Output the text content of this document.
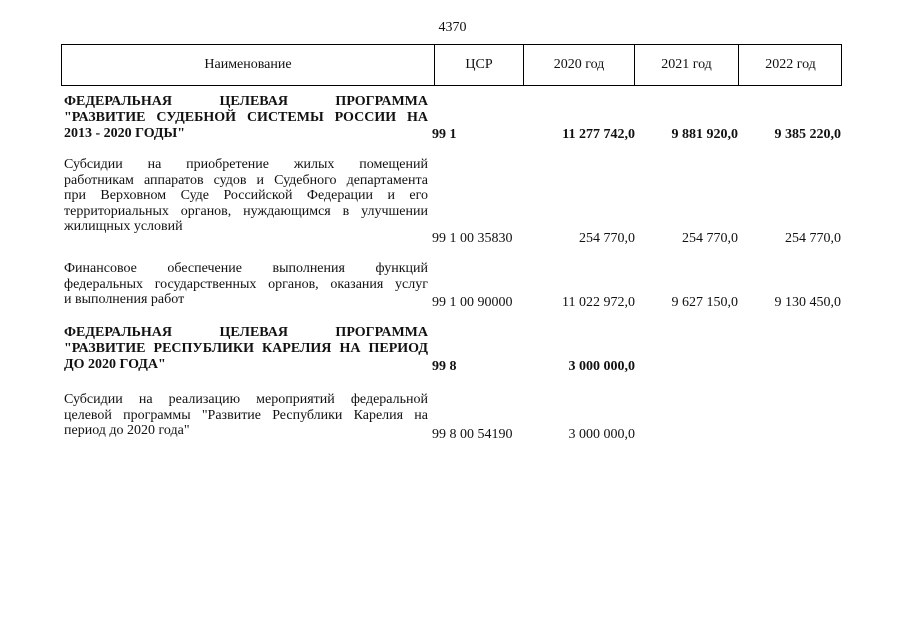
4370
Наименование	ЦСР	2020 год	2021 год	2022 год
ФЕДЕРАЛЬНАЯ ЦЕЛЕВАЯ ПРОГРАММА
"РАЗВИТИЕ СУДЕБНОЙ СИСТЕМЫ РОССИИ НА
2013 - 2020 ГОДЫ"	99 1	11 277 742,0	9 881 920,0	9 385 220,0
Субсидии на приобретение жилых помещений
работникам аппаратов судов и Судебного департамента
при Верховном Суде Российской Федерации и его
территориальных органов, нуждающимся в улучшении
жилищных условий
99 1 00 35830	254 770,0	254 770,0	254 770,0
Финансовое обеспечение выполнения функций
федеральных государственных органов, оказания услуг
и выполнения работ	99 1 00 90000	11 022 972,0	9 627 150,0	9 130 450,0
ФЕДЕРАЛЬНАЯ ЦЕЛЕВАЯ ПРОГРАММА
"РАЗВИТИЕ РЕСПУБЛИКИ КАРЕЛИЯ НА ПЕРИОД
ДО 2020 ГОДА"	99 8	3 000 000,0
Субсидии на реализацию мероприятий федеральной
целевой программы "Развитие Республики Карелия на
период до 2020 года"	99 8 00 54190	3 000 000,0
